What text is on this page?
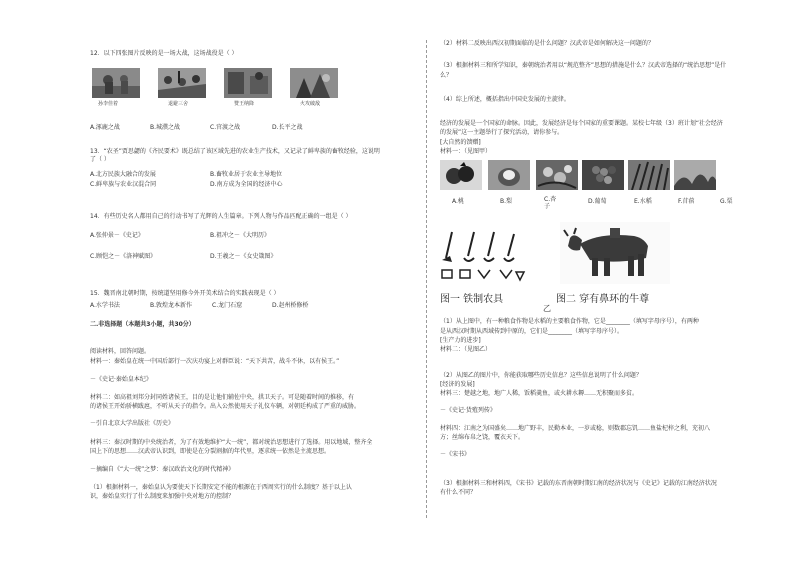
12．以下四张图片反映的是一场大战，这场战役是（ ）
孙李佳着	退避三舍	赞王纳降	火攻破敌
A.涿鹿之战	B.城濮之战	C.官渡之战	D.长平之战
13．“农圣”贾思勰的《齐民要术》既总结了该区域先进的农业生产技术，又记录了鲜卑族的畜牧经验，这说明
了（ ）
A.北方民族大融合的发展	B.畜牧业居于农业主导地位
C.鲜卑族与农业汉混合同	D.南方成为全国的经济中心
14．有些历史名人都用自己的行动书写了光辉的人生篇章。下列人物与作品匹配正确的一组是（ ）
A.张仲景－《史记》	B.祖冲之－《大明历》
C.顾恺之－《洛神赋图》	D.王羲之－《女史箴图》
15．魏晋南北朝时期，按统道坚用修今外开美术结合的实践表现是（ ）
A.水学书法	B.敦煌龙本新作	C.龙门石窟	D.赵州桥修桥
二.非选择题（本题共3小题，共30分）
阅读材料，回答问题。
材料一：秦始皇在统一中国后部行一次庆功宴上对群臣说：“天下共苦，战斗不休，以有侯王。”
－《史记·秦始皇本纪》
材料二：如高祖刘邦分封同姓诸侯王，目的是让他们辅佐中央，拱卫天子。可是随着时间的推移，有
的诸侯王开始骄横跋扈，不听从天子的指令。出入公然使用天子礼仪车辆，对朝廷构成了严重的威胁。
－引自北京大学出版社《历史》
材料三：秦汉时期的中央统治者，为了有效地维护“大一统”，都对统治思想进行了选择。用以地域，整齐全
国上下的思想……汉武帝认识到，即使是在分裂割据的年代里，逐求统一依然是主流思想。
－摘编自《“大一统”之梦：秦汉政治文化的时代精神》
（1）根据材料一，秦始皇认为要使天下长期安定不能的根源在于西周实行的什么制度？基于以上认
识，秦始皇实行了什么制度来加强中央对地方的控制？
（2）材料二反映出西汉初期面临的是什么问题？汉武帝是如何解决这一问题的？
（3）根据材料三和所学知识，秦朝统治者用以“规范整齐”思想的措施是什么？汉武帝选择的“统治思想”是什
么？
（4）综上所述，概括指出中国史发展的主旋律。
经济的发展是一个国家的命脉。因此，发展经济是每个国家的重要课题。某校七年级（3）班计划“社会经济
的发展”这一主题举行了探究活动，请你参与。
[大自然的馈赠]
材料一：（见图甲）
A.桃	B.梨	C.杏子
D.葡萄	E.水稻	F.苜蓿	G.栗
图一 铁制农具	图二 穿有鼻环的牛尊
乙
（1）从上图中，有一种粮食作物是水稻的主要粮食作物，它是________（填写字母序号），有两种
是从西汉时期从西域传到中原的，它们是________（填写字母序号）。
[生产力的进步]
材料二：（见图乙）
（2）从图乙的图片中，你能获取哪些历史信息？这些信息说明了什么问题？
[经济的发展]
材料三：楚越之地，地广人稀，饭稻羹鱼，或火耕水耨……无积聚而多贫。
－《史记·货殖列传》
材料四：江南之为国盛矣……地广野丰，民勤本业，一岁或稔，则数郡忘饥……鱼盐杞梓之利，充初八
方；丝绵布帛之饶，覆衣天下。
－《宋书》
（3）根据材料三和材料四，《宋书》记载的东晋南朝时期江南的经济状况与《史记》记载的江南经济状况
有什么不同？
